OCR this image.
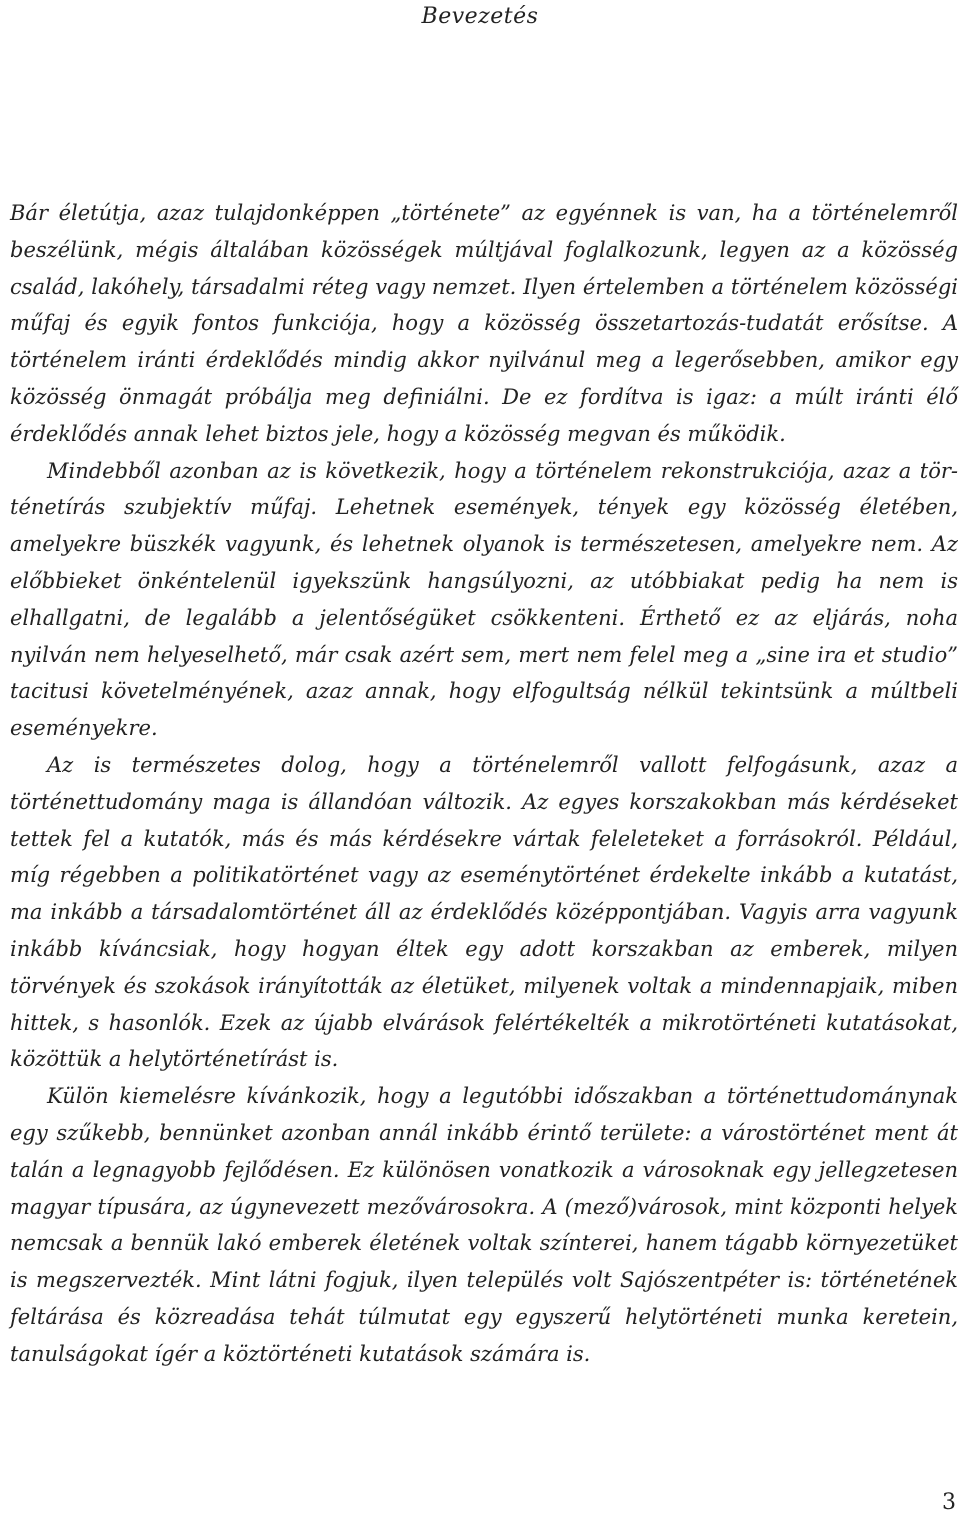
Bevezetés

Bár életútja, azaz tulajdonképpen „története” az egyénnek is van, ha a történelemről beszélünk, mégis általában közösségek múltjával foglalkozunk, legyen az a közösség család, lakóhely, társadalmi réteg vagy nemzet. Ilyen értelemben a történelem közösségi műfaj és egyik fontos funkciója, hogy a közösség összetartozás-tudatát erősítse. A történelem iránti érdeklődés mindig akkor nyilvánul meg a legerősebben, amikor egy közösség önmagát próbálja meg definiálni. De ez fordítva is igaz: a múlt iránti élő érdeklődés annak lehet biztos jele, hogy a közösség megvan és működik.

Mindebből azonban az is következik, hogy a történelem rekonstrukciója, azaz a történetírás szubjektív műfaj. Lehetnek események, tények egy közösség életében, amelyekre büszkék vagyunk, és lehetnek olyanok is természetesen, amelyekre nem. Az előbbieket önkéntelenül igyekszünk hangsúlyozni, az utóbbiakat pedig ha nem is elhallgatni, de legalább a jelentőségüket csökkenteni. Érthető ez az eljárás, noha nyilván nem helyeselhető, már csak azért sem, mert nem felel meg a „sine ira et studio” tacitusi követelményének, azaz annak, hogy elfogultság nélkül tekintsünk a múltbeli eseményekre.

Az is természetes dolog, hogy a történelemről vallott felfogásunk, azaz a történettudomány maga is állandóan változik. Az egyes korszakokban más kérdéseket tettek fel a kutatók, más és más kérdésekre vártak feleleteket a forrásokról. Például, míg régebben a politikatörténet vagy az eseménytörténet érdekelte inkább a kutatást, ma inkább a társadalomtörténet áll az érdeklődés középpontjában. Vagyis arra vagyunk inkább kíváncsiak, hogy hogyan éltek egy adott korszakban az emberek, milyen törvények és szokások irányították az életüket, milyenek voltak a mindennapjaik, miben hittek, s hasonlók. Ezek az újabb elvárások felértékelték a mikrotörténeti kutatásokat, közöttük a helytörténetírást is.

Külön kiemelésre kívánkozik, hogy a legutóbbi időszakban a történettudománynak egy szűkebb, bennünket azonban annál inkább érintő területe: a várostörténet ment át talán a legnagyobb fejlődésen. Ez különösen vonatkozik a városoknak egy jellegzetesen magyar típusára, az úgynevezett mezővárosokra. A (mező)városok, mint központi helyek nemcsak a bennük lakó emberek életének voltak színterei, hanem tágabb környezetüket is megszervezték. Mint látni fogjuk, ilyen település volt Sajószentpéter is: történetének feltárása és közreadása tehát túlmutat egy egyszerű helytörténeti munka keretein, tanulságokat ígér a köztörténeti kutatások számára is.

3
